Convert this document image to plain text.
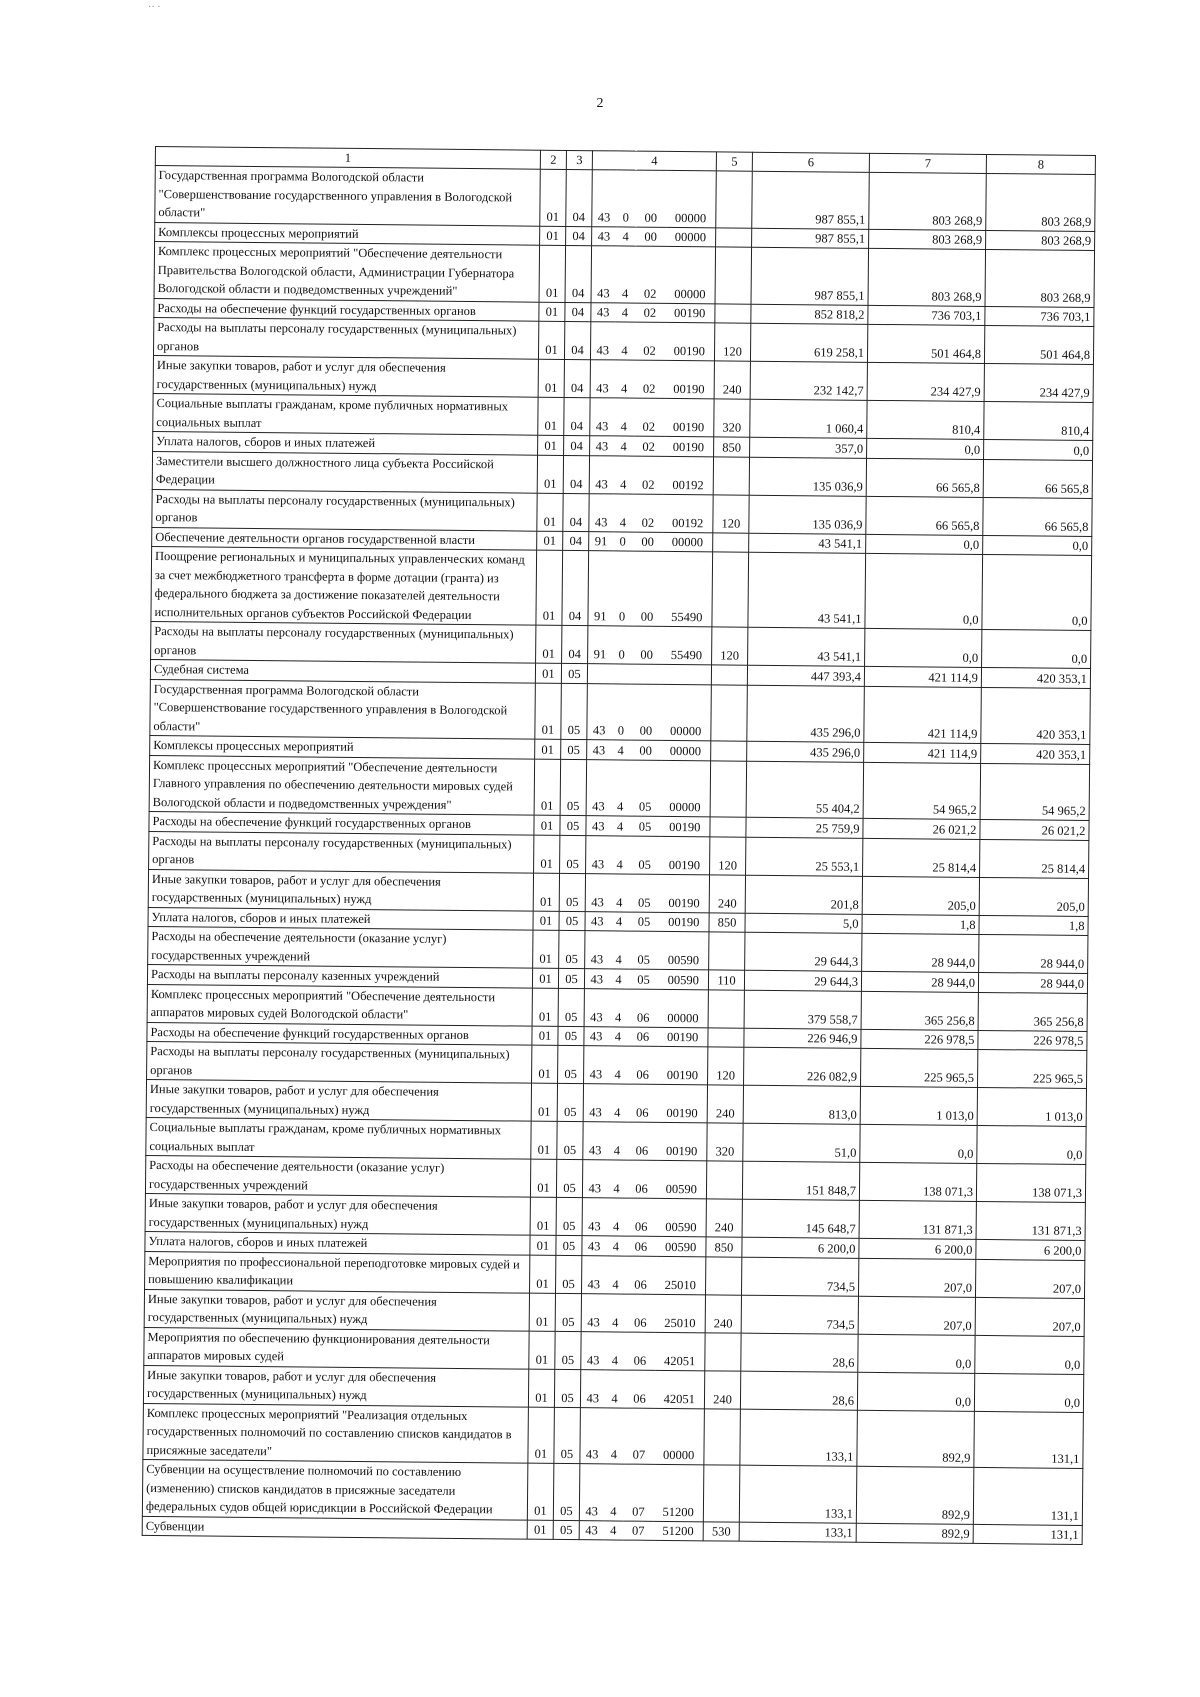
2
1	2	3	4				5	6	7	8
Государственная программа Вологодской области "Совершенствование государственного управления в Вологодской области"	01	04	43	0	00	00000		987 855,1	803 268,9	803 268,9
Комплексы процессных мероприятий	01	04	43	4	00	00000		987 855,1	803 268,9	803 268,9
Комплекс процессных мероприятий "Обеспечение деятельности Правительства Вологодской области, Администрации Губернатора Вологодской области и подведомственных учреждений"	01	04	43	4	02	00000		987 855,1	803 268,9	803 268,9
Расходы на обеспечение функций государственных органов	01	04	43	4	02	00190		852 818,2	736 703,1	736 703,1
Расходы на выплаты персоналу государственных (муниципальных) органов	01	04	43	4	02	00190	120	619 258,1	501 464,8	501 464,8
Иные закупки товаров, работ и услуг для обеспечения государственных (муниципальных) нужд	01	04	43	4	02	00190	240	232 142,7	234 427,9	234 427,9
Социальные выплаты гражданам, кроме публичных нормативных социальных выплат	01	04	43	4	02	00190	320	1 060,4	810,4	810,4
Уплата налогов, сборов и иных платежей	01	04	43	4	02	00190	850	357,0	0,0	0,0
Заместители высшего должностного лица субъекта Российской Федерации	01	04	43	4	02	00192		135 036,9	66 565,8	66 565,8
Расходы на выплаты персоналу государственных (муниципальных) органов	01	04	43	4	02	00192	120	135 036,9	66 565,8	66 565,8
Обеспечение деятельности органов государственной власти	01	04	91	0	00	00000		43 541,1	0,0	0,0
Поощрение региональных и муниципальных управленческих команд за счет межбюджетного трансферта в форме дотации (гранта) из федерального бюджета за достижение показателей деятельности исполнительных органов субъектов Российской Федерации	01	04	91	0	00	55490		43 541,1	0,0	0,0
Расходы на выплаты персоналу государственных (муниципальных) органов	01	04	91	0	00	55490	120	43 541,1	0,0	0,0
Судебная система	01	05						447 393,4	421 114,9	420 353,1
Государственная программа Вологодской области "Совершенствование государственного управления в Вологодской области"	01	05	43	0	00	00000		435 296,0	421 114,9	420 353,1
Комплексы процессных мероприятий	01	05	43	4	00	00000		435 296,0	421 114,9	420 353,1
Комплекс процессных мероприятий "Обеспечение деятельности Главного управления по обеспечению деятельности мировых судей Вологодской области и подведомственных учреждения"	01	05	43	4	05	00000		55 404,2	54 965,2	54 965,2
Расходы на обеспечение функций государственных органов	01	05	43	4	05	00190		25 759,9	26 021,2	26 021,2
Расходы на выплаты персоналу государственных (муниципальных) органов	01	05	43	4	05	00190	120	25 553,1	25 814,4	25 814,4
Иные закупки товаров, работ и услуг для обеспечения государственных (муниципальных) нужд	01	05	43	4	05	00190	240	201,8	205,0	205,0
Уплата налогов, сборов и иных платежей	01	05	43	4	05	00190	850	5,0	1,8	1,8
Расходы на обеспечение деятельности (оказание услуг) государственных учреждений	01	05	43	4	05	00590		29 644,3	28 944,0	28 944,0
Расходы на выплаты персоналу казенных учреждений	01	05	43	4	05	00590	110	29 644,3	28 944,0	28 944,0
Комплекс процессных мероприятий "Обеспечение деятельности аппаратов мировых судей Вологодской области"	01	05	43	4	06	00000		379 558,7	365 256,8	365 256,8
Расходы на обеспечение функций государственных органов	01	05	43	4	06	00190		226 946,9	226 978,5	226 978,5
Расходы на выплаты персоналу государственных (муниципальных) органов	01	05	43	4	06	00190	120	226 082,9	225 965,5	225 965,5
Иные закупки товаров, работ и услуг для обеспечения государственных (муниципальных) нужд	01	05	43	4	06	00190	240	813,0	1 013,0	1 013,0
Социальные выплаты гражданам, кроме публичных нормативных социальных выплат	01	05	43	4	06	00190	320	51,0	0,0	0,0
Расходы на обеспечение деятельности (оказание услуг) государственных учреждений	01	05	43	4	06	00590		151 848,7	138 071,3	138 071,3
Иные закупки товаров, работ и услуг для обеспечения государственных (муниципальных) нужд	01	05	43	4	06	00590	240	145 648,7	131 871,3	131 871,3
Уплата налогов, сборов и иных платежей	01	05	43	4	06	00590	850	6 200,0	6 200,0	6 200,0
Мероприятия по профессиональной переподготовке мировых судей и повышению квалификации	01	05	43	4	06	25010		734,5	207,0	207,0
Иные закупки товаров, работ и услуг для обеспечения государственных (муниципальных) нужд	01	05	43	4	06	25010	240	734,5	207,0	207,0
Мероприятия по обеспечению функционирования деятельности аппаратов мировых судей	01	05	43	4	06	42051		28,6	0,0	0,0
Иные закупки товаров, работ и услуг для обеспечения государственных (муниципальных) нужд	01	05	43	4	06	42051	240	28,6	0,0	0,0
Комплекс процессных мероприятий "Реализация отдельных государственных полномочий по составлению списков кандидатов в присяжные заседатели"	01	05	43	4	07	00000		133,1	892,9	131,1
Субвенции на осуществление полномочий по составлению (изменению) списков кандидатов в присяжные заседатели федеральных судов общей юрисдикции в Российской Федерации	01	05	43	4	07	51200		133,1	892,9	131,1
Субвенции	01	05	43	4	07	51200	530	133,1	892,9	131,1
·· ·
